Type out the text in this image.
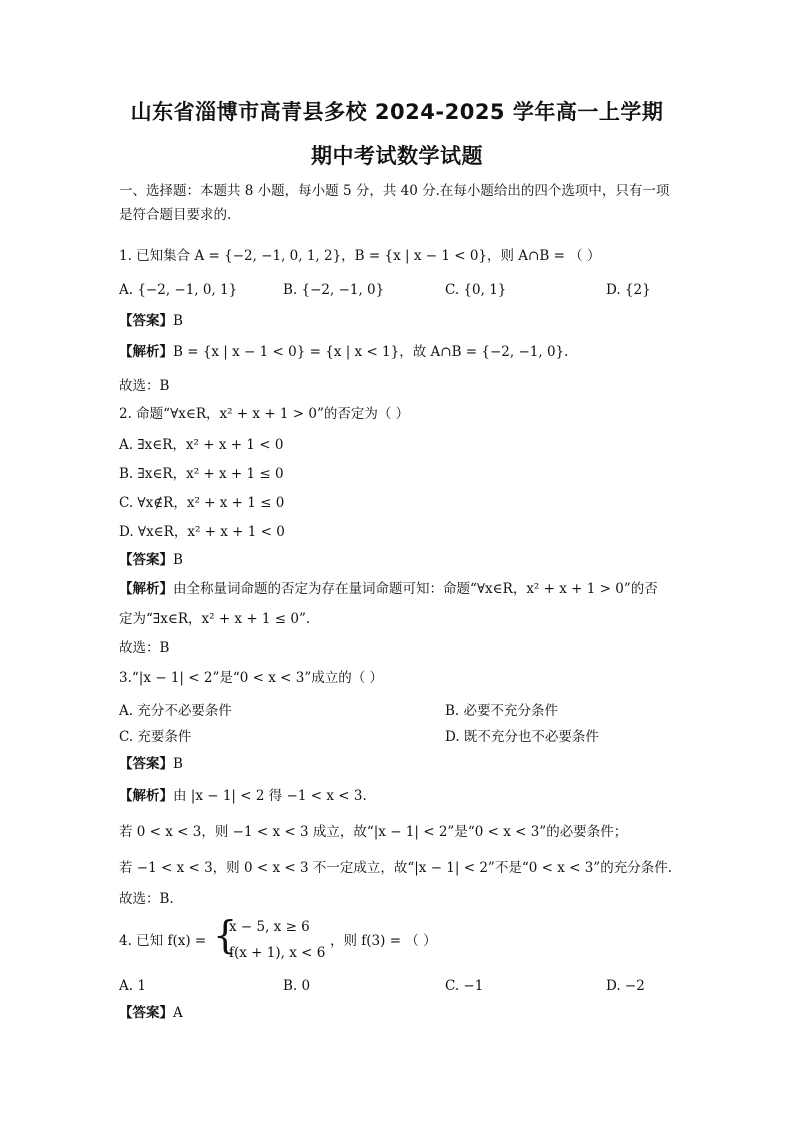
山东省淄博市高青县多校 2024-2025 学年高一上学期
期中考试数学试题
一、选择题：本题共 8 小题，每小题 5 分，共 40 分.在每小题给出的四个选项中，只有一项
是符合题目要求的.
1. 已知集合 A = {−2, −1, 0, 1, 2}，B = {x | x − 1 < 0}，则 A∩B = （ ）
A. {−2, −1, 0, 1}	B. {−2, −1, 0}	C. {0, 1}	D. {2}
【答案】B
【解析】B = {x | x − 1 < 0} = {x | x < 1}，故 A∩B = {−2, −1, 0}.
故选：B
2. 命题“∀x∈R，x² + x + 1 > 0”的否定为（ ）
A. ∃x∈R，x² + x + 1 < 0
B. ∃x∈R，x² + x + 1 ≤ 0
C. ∀x∉R，x² + x + 1 ≤ 0
D. ∀x∈R，x² + x + 1 < 0
【答案】B
【解析】由全称量词命题的否定为存在量词命题可知：命题“∀x∈R，x² + x + 1 > 0”的否
定为“∃x∈R，x² + x + 1 ≤ 0”.
故选：B
3.“|x − 1| < 2”是“0 < x < 3”成立的（ ）
A. 充分不必要条件	B. 必要不充分条件
C. 充要条件	D. 既不充分也不必要条件
【答案】B
【解析】由 |x − 1| < 2 得 −1 < x < 3.
若 0 < x < 3，则 −1 < x < 3 成立，故“|x − 1| < 2”是“0 < x < 3”的必要条件；
若 −1 < x < 3，则 0 < x < 3 不一定成立，故“|x − 1| < 2”不是“0 < x < 3”的充分条件.
故选：B.
4. 已知 f(x) = {
x − 5, x ≥ 6
f(x + 1), x < 6
，则 f(3) = （ ）
A. 1	B. 0	C. −1	D. −2
【答案】A
